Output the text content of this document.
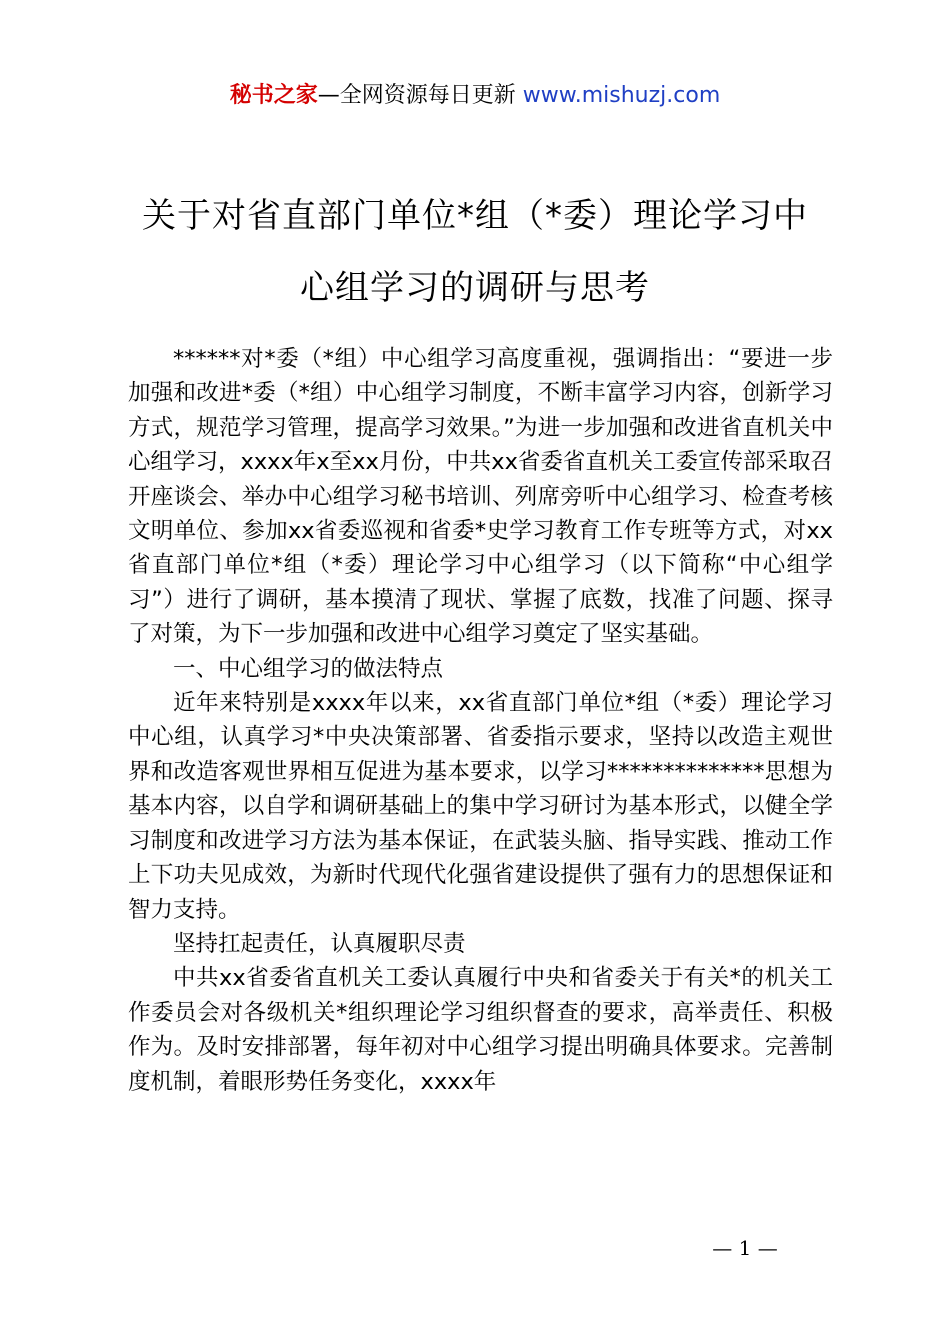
秘书之家—全网资源每日更新 www.mishuzj.com
关于对省直部门单位*组（*委）理论学习中
心组学习的调研与思考

******对*委（*组）中心组学习高度重视，强调指出：“要进一步加强和改进*委（*组）中心组学习制度，不断丰富学习内容，创新学习方式，规范学习管理，提高学习效果。”为进一步加强和改进省直机关中心组学习，xxxx年x至xx月份，中共xx省委省直机关工委宣传部采取召开座谈会、举办中心组学习秘书培训、列席旁听中心组学习、检查考核文明单位、参加xx省委巡视和省委*史学习教育工作专班等方式，对xx省直部门单位*组（*委）理论学习中心组学习（以下简称“中心组学习”）进行了调研，基本摸清了现状、掌握了底数，找准了问题、探寻了对策，为下一步加强和改进中心组学习奠定了坚实基础。

一、中心组学习的做法特点

近年来特别是xxxx年以来，xx省直部门单位*组（*委）理论学习中心组，认真学习*中央决策部署、省委指示要求，坚持以改造主观世界和改造客观世界相互促进为基本要求，以学习**************思想为基本内容，以自学和调研基础上的集中学习研讨为基本形式，以健全学习制度和改进学习方法为基本保证，在武装头脑、指导实践、推动工作上下功夫见成效，为新时代现代化强省建设提供了强有力的思想保证和智力支持。

坚持扛起责任，认真履职尽责

中共xx省委省直机关工委认真履行中央和省委关于有关*的机关工作委员会对各级机关*组织理论学习组织督查的要求，高举责任、积极作为。及时安排部署，每年初对中心组学习提出明确具体要求。完善制度机制，着眼形势任务变化，xxxx年

— 1 —
